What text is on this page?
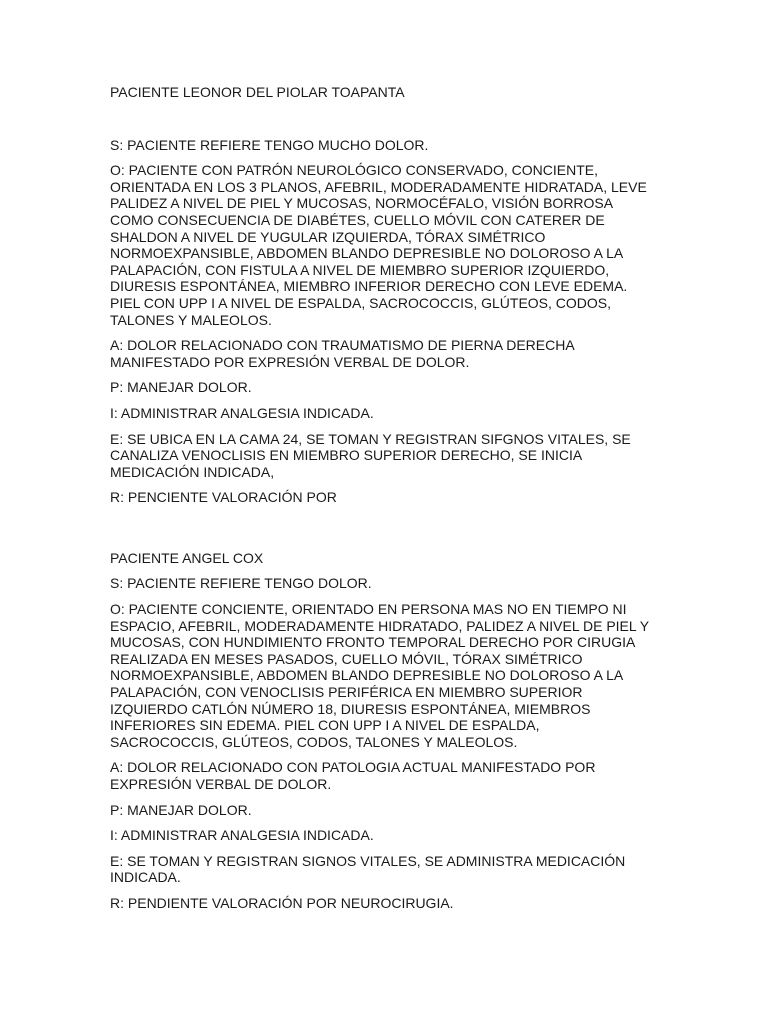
PACIENTE LEONOR DEL PIOLAR TOAPANTA

S: PACIENTE REFIERE TENGO MUCHO DOLOR.

O: PACIENTE CON PATRÓN NEUROLÓGICO CONSERVADO, CONCIENTE,
ORIENTADA EN LOS 3 PLANOS, AFEBRIL, MODERADAMENTE HIDRATADA, LEVE
PALIDEZ A NIVEL DE PIEL Y MUCOSAS, NORMOCÉFALO, VISIÓN BORROSA
COMO CONSECUENCIA DE DIABÉTES, CUELLO MÓVIL CON CATERER DE
SHALDON A NIVEL DE YUGULAR IZQUIERDA, TÓRAX SIMÉTRICO
NORMOEXPANSIBLE, ABDOMEN BLANDO DEPRESIBLE NO DOLOROSO A LA
PALAPACIÓN, CON FISTULA A NIVEL DE MIEMBRO SUPERIOR IZQUIERDO,
DIURESIS ESPONTÁNEA, MIEMBRO INFERIOR DERECHO CON LEVE EDEMA.
PIEL CON UPP I A NIVEL DE ESPALDA, SACROCOCCIS, GLÚTEOS, CODOS,
TALONES Y MALEOLOS.

A: DOLOR RELACIONADO CON TRAUMATISMO DE PIERNA DERECHA
MANIFESTADO POR EXPRESIÓN VERBAL DE DOLOR.

P: MANEJAR DOLOR.

I: ADMINISTRAR ANALGESIA INDICADA.

E: SE UBICA EN LA CAMA 24, SE TOMAN Y REGISTRAN SIFGNOS VITALES, SE
CANALIZA VENOCLISIS EN MIEMBRO SUPERIOR DERECHO, SE INICIA
MEDICACIÓN INDICADA,

R: PENCIENTE VALORACIÓN POR

PACIENTE ANGEL COX

S: PACIENTE REFIERE TENGO DOLOR.

O: PACIENTE CONCIENTE, ORIENTADO EN PERSONA MAS NO EN TIEMPO NI
ESPACIO, AFEBRIL, MODERADAMENTE HIDRATADO, PALIDEZ A NIVEL DE PIEL Y
MUCOSAS, CON HUNDIMIENTO FRONTO TEMPORAL DERECHO POR CIRUGIA
REALIZADA EN MESES PASADOS, CUELLO MÓVIL, TÓRAX SIMÉTRICO
NORMOEXPANSIBLE, ABDOMEN BLANDO DEPRESIBLE NO DOLOROSO A LA
PALAPACIÓN, CON VENOCLISIS PERIFÉRICA EN MIEMBRO SUPERIOR
IZQUIERDO CATLÓN NÚMERO 18, DIURESIS ESPONTÁNEA, MIEMBROS
INFERIORES SIN EDEMA. PIEL CON UPP I A NIVEL DE ESPALDA,
SACROCOCCIS, GLÚTEOS, CODOS, TALONES Y MALEOLOS.

A: DOLOR RELACIONADO CON PATOLOGIA ACTUAL MANIFESTADO POR
EXPRESIÓN VERBAL DE DOLOR.

P: MANEJAR DOLOR.

I: ADMINISTRAR ANALGESIA INDICADA.

E: SE TOMAN Y REGISTRAN SIGNOS VITALES, SE ADMINISTRA MEDICACIÓN
INDICADA.

R: PENDIENTE VALORACIÓN POR NEUROCIRUGIA.
